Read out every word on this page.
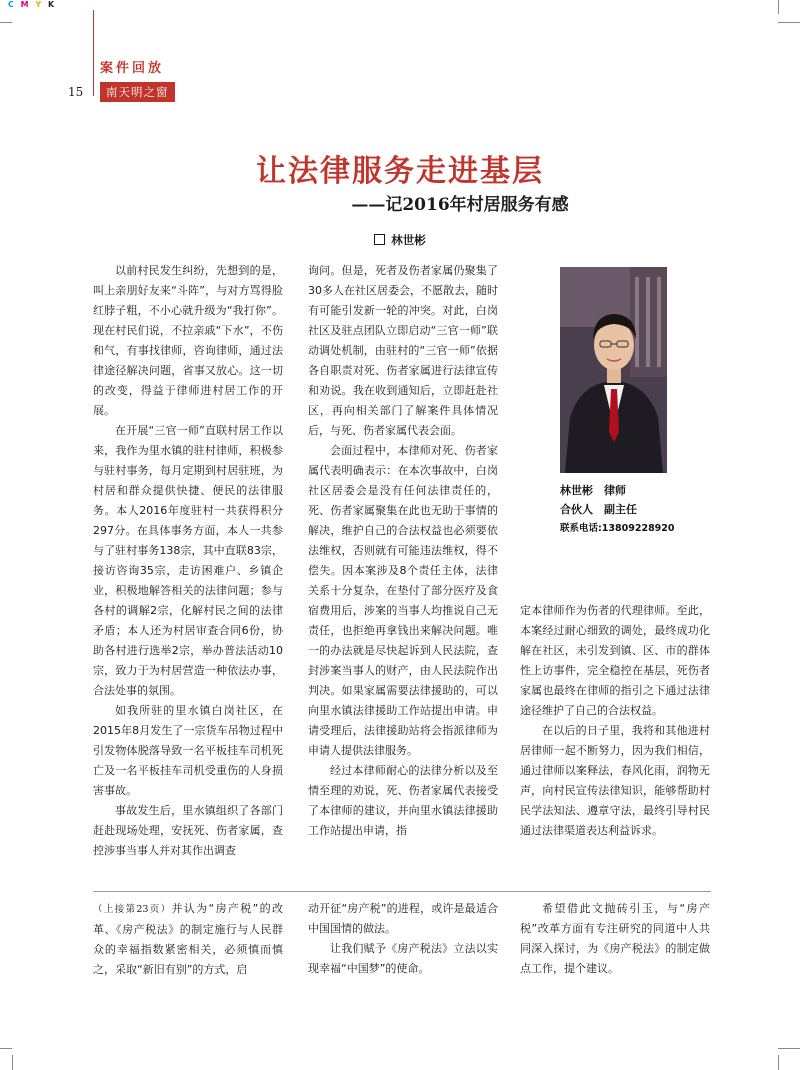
C M Y K
案件回放
15	南天明之窗
让法律服务走进基层
——记2016年村居服务有感
林世彬

以前村民发生纠纷，先想到的是，叫上亲朋好友来“斗阵”，与对方骂得脸红脖子粗，不小心就升级为“我打你”。现在村民们说，不拉亲戚“下水”，不伤和气，有事找律师，咨询律师，通过法律途径解决问题，省事又放心。这一切的改变，得益于律师进村居工作的开展。

在开展“三官一师”直联村居工作以来，我作为里水镇的驻村律师，积极参与驻村事务，每月定期到村居驻班，为村居和群众提供快捷、便民的法律服务。本人2016年度驻村一共获得积分297分。在具体事务方面，本人一共参与了驻村事务138宗，其中直联83宗，接访咨询35宗，走访困难户、乡镇企业，积极地解答相关的法律问题；参与各村的调解2宗，化解村民之间的法律矛盾；本人还为村居审查合同6份，协助各村进行选举2宗，举办普法活动10宗，致力于为村居营造一种依法办事，合法处事的氛围。

如我所驻的里水镇白岗社区，在2015年8月发生了一宗货车吊物过程中引发物体脱落导致一名平板挂车司机死亡及一名平板挂车司机受重伤的人身损害事故。

事故发生后，里水镇组织了各部门赶赴现场处理，安抚死、伤者家属，查控涉事当事人并对其作出调查

询问。但是，死者及伤者家属仍聚集了30多人在社区居委会，不愿散去，随时有可能引发新一轮的冲突。对此，白岗社区及驻点团队立即启动“三官一师”联动调处机制，由驻村的“三官一师”依据各自职责对死、伤者家属进行法律宣传和劝说。我在收到通知后，立即赶赴社区，再向相关部门了解案件具体情况后，与死、伤者家属代表会面。

会面过程中，本律师对死、伤者家属代表明确表示：在本次事故中，白岗社区居委会是没有任何法律责任的，死、伤者家属聚集在此也无助于事情的解决，维护自己的合法权益也必须要依法维权，否则就有可能违法维权，得不偿失。因本案涉及8个责任主体，法律关系十分复杂，在垫付了部分医疗及食宿费用后，涉案的当事人均推说自己无责任，也拒绝再拿钱出来解决问题。唯一的办法就是尽快起诉到人民法院，查封涉案当事人的财产，由人民法院作出判决。如果家属需要法律援助的，可以向里水镇法律援助工作站提出申请。申请受理后，法律援助站将会指派律师为申请人提供法律服务。

经过本律师耐心的法律分析以及至情至理的劝说，死、伤者家属代表接受了本律师的建议，并向里水镇法律援助工作站提出申请，指

林世彬　律师
合伙人　副主任
联系电话:13809228920

定本律师作为伤者的代理律师。至此，本案经过耐心细致的调处，最终成功化解在社区，未引发到镇、区、市的群体性上访事件，完全稳控在基层，死伤者家属也最终在律师的指引之下通过法律途径维护了自己的合法权益。

在以后的日子里，我将和其他进村居律师一起不断努力，因为我们相信，通过律师以案释法，春风化雨，润物无声，向村民宣传法律知识，能够帮助村民学法知法、遵章守法，最终引导村民通过法律渠道表达利益诉求。

（上接第23页）并认为“房产税”的改革、《房产税法》的制定施行与人民群众的幸福指数紧密相关，必须慎而慎之，采取“新旧有别”的方式，启

动开征“房产税”的进程，或许是最适合中国国情的做法。

让我们赋予《房产税法》立法以实现幸福“中国梦”的使命。

希望借此文抛砖引玉，与“房产税”改革方面有专注研究的同道中人共同深入探讨，为《房产税法》的制定做点工作，提个建议。
